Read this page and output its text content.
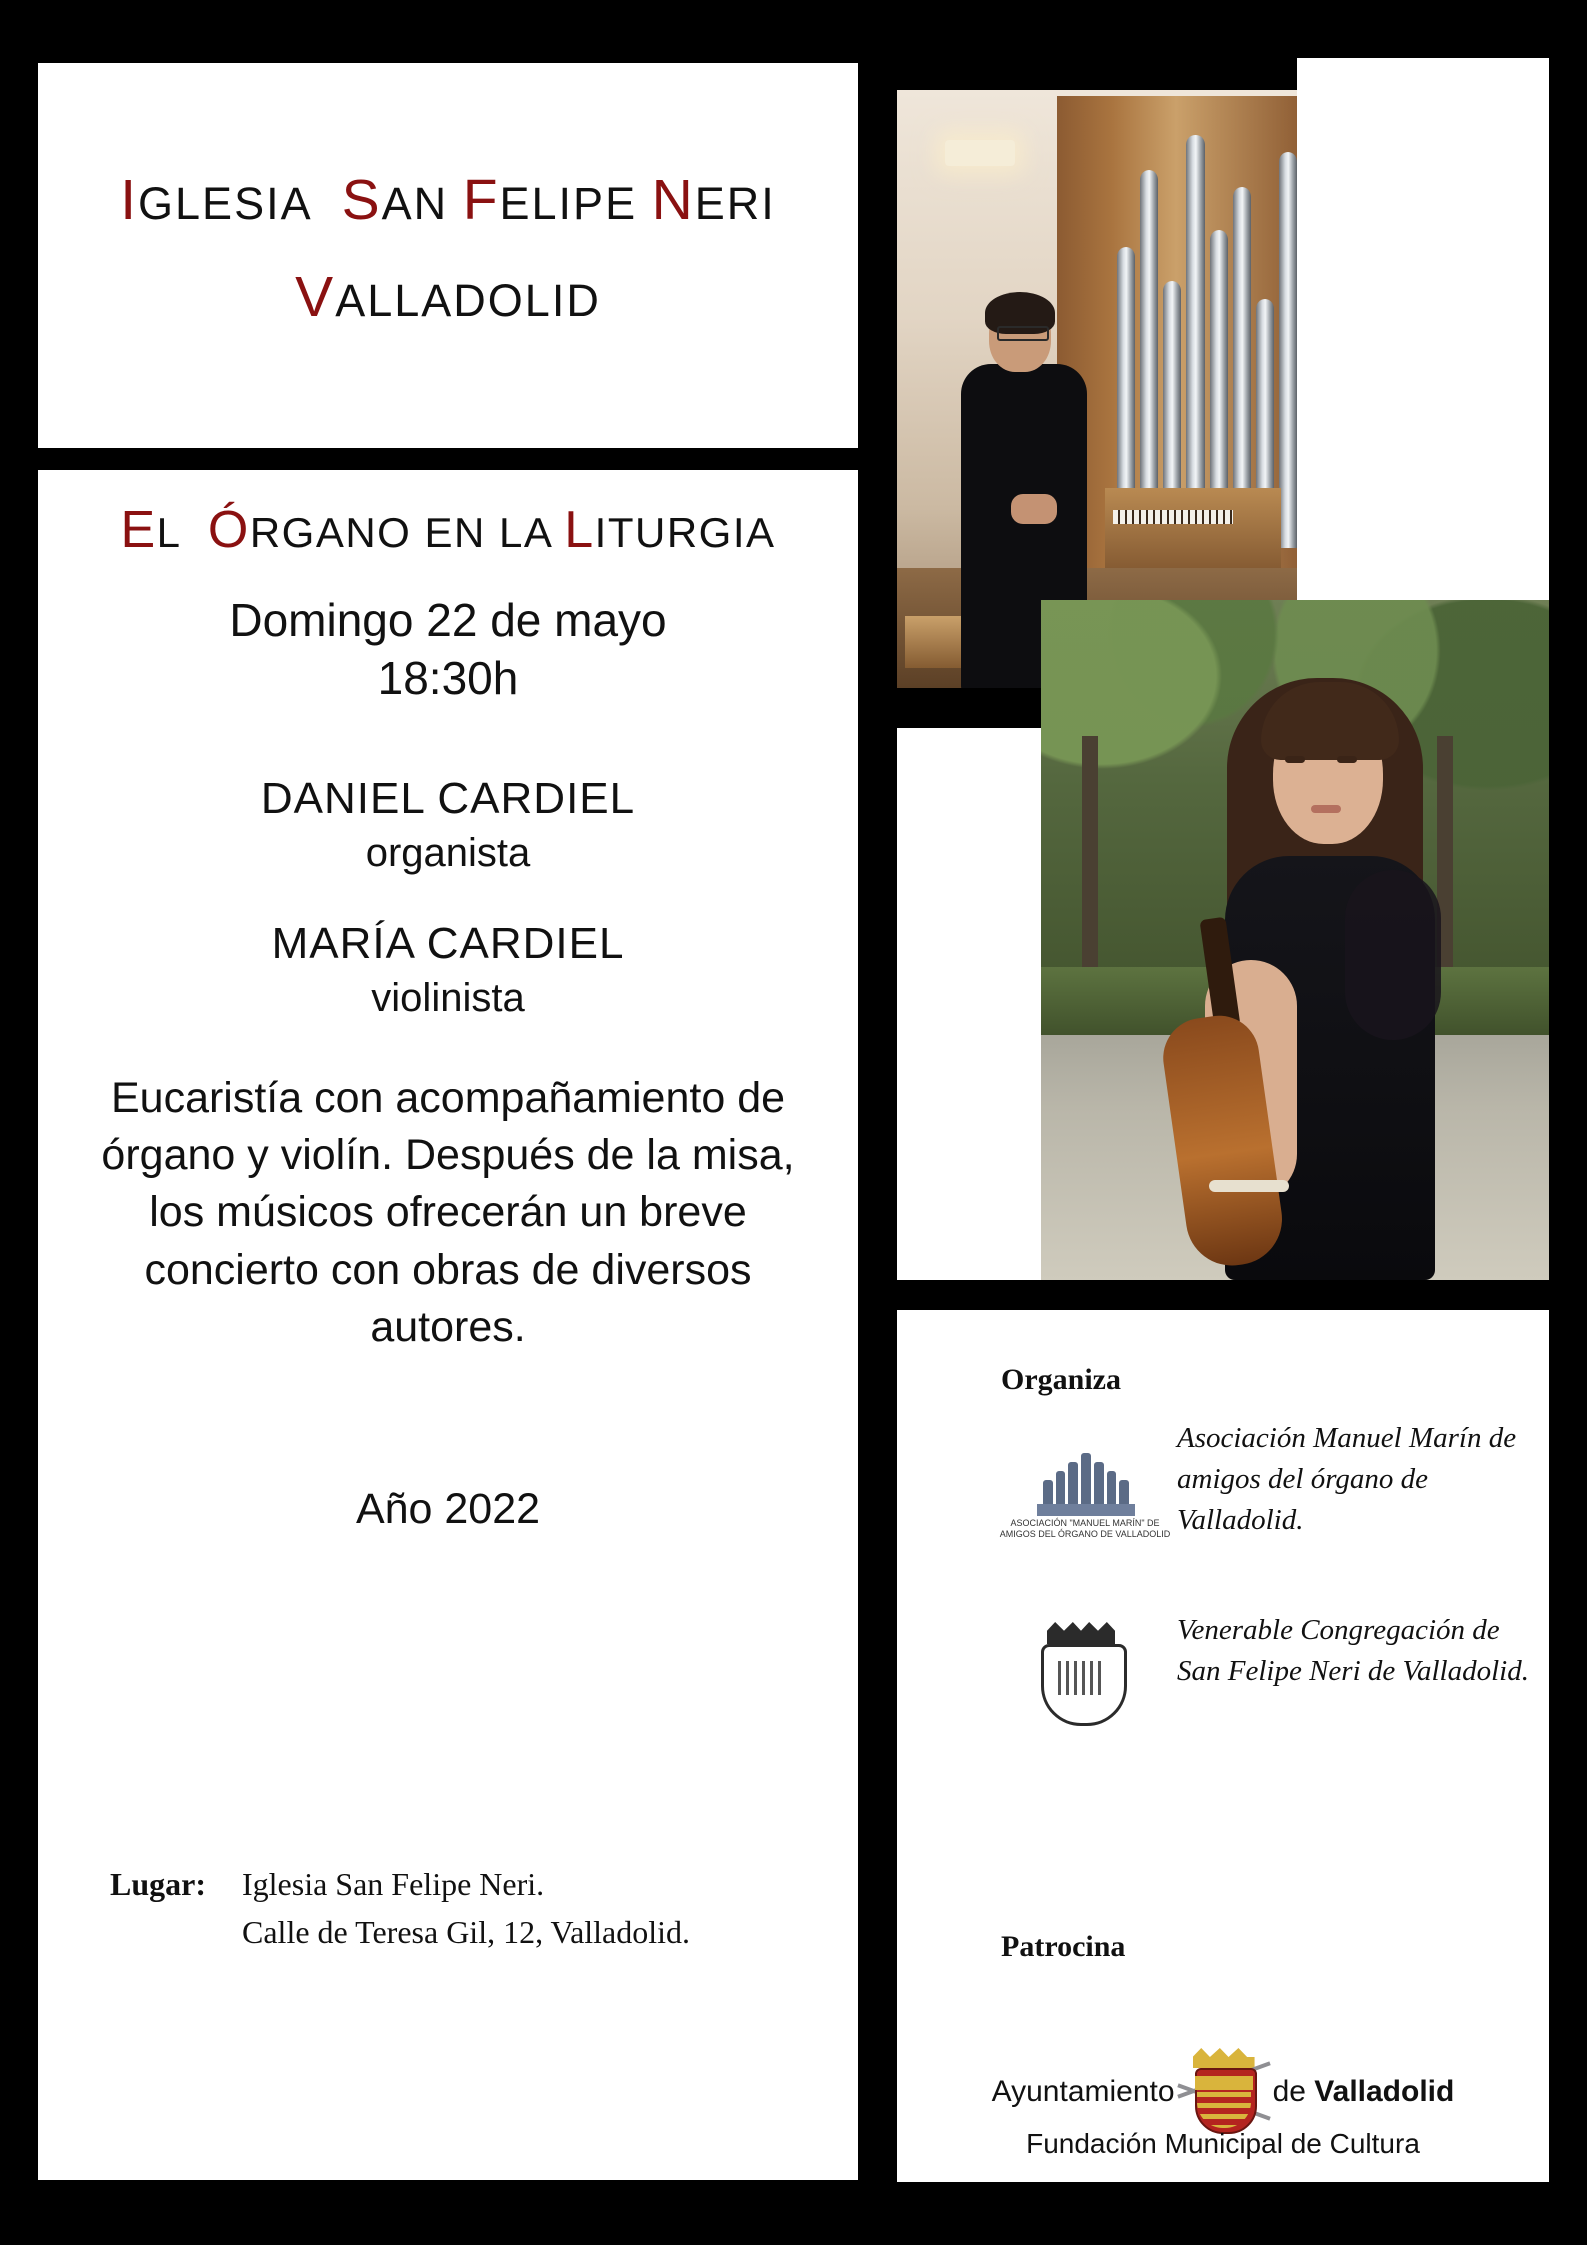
IGLESIA SAN FELIPE NERI
VALLADOLID
EL ÓRGANO EN LA LITURGIA
Domingo 22 de mayo
18:30h
DANIEL CARDIEL
organista
MARÍA CARDIEL
violinista
Eucaristía con acompañamiento de órgano y violín. Después de la misa, los músicos ofrecerán un breve concierto con obras de diversos autores.
Año 2022
Lugar: Iglesia San Felipe Neri.
Calle de Teresa Gil, 12, Valladolid.
Organiza
ASOCIACIÓN "MANUEL MARÍN" DE AMIGOS DEL ÓRGANO DE VALLADOLID
Asociación Manuel Marín de amigos del órgano de Valladolid.
Venerable Congregación de San Felipe Neri de Valladolid.
Patrocina
Ayuntamiento	de Valladolid
Fundación Municipal de Cultura
